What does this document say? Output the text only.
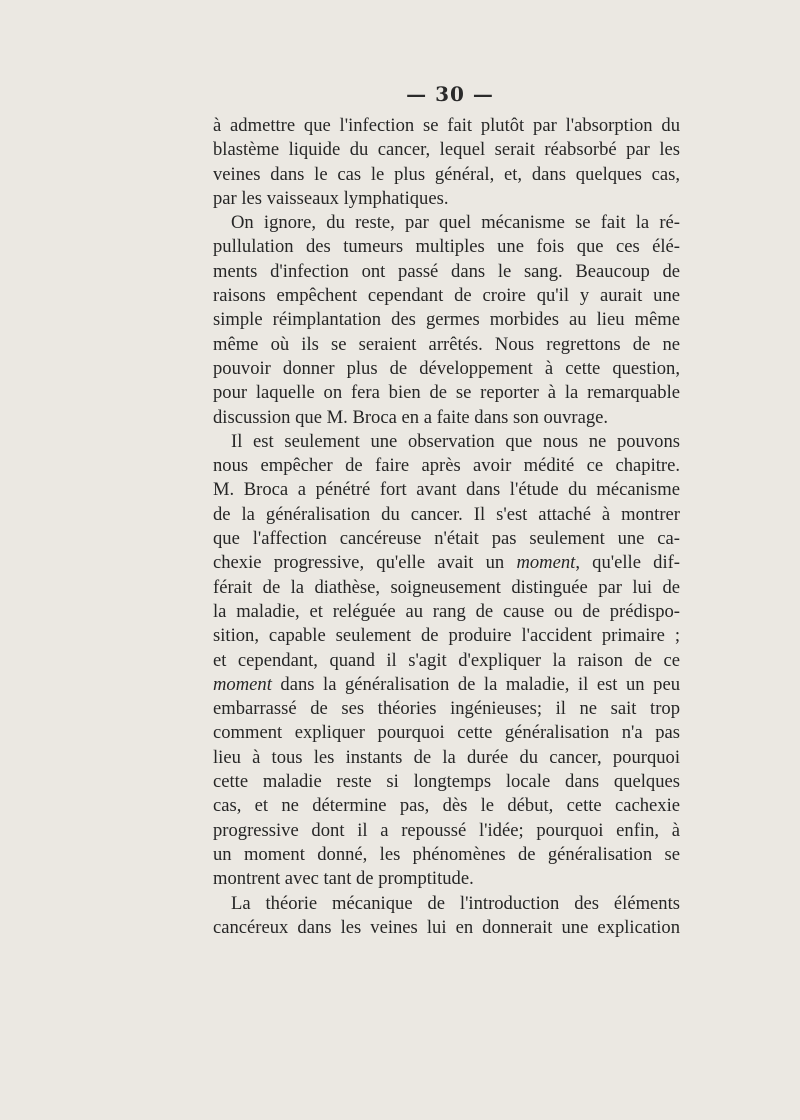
— 30 —
à admettre que l'infection se fait plutôt par l'absorption du
blastème liquide du cancer, lequel serait réabsorbé par les
veines dans le cas le plus général, et, dans quelques cas,
par les vaisseaux lymphatiques.
On ignore, du reste, par quel mécanisme se fait la ré-
pullulation des tumeurs multiples une fois que ces élé-
ments d'infection ont passé dans le sang. Beaucoup de
raisons empêchent cependant de croire qu'il y aurait une
simple réimplantation des germes morbides au lieu même
même où ils se seraient arrêtés. Nous regrettons de ne
pouvoir donner plus de développement à cette question,
pour laquelle on fera bien de se reporter à la remarquable
discussion que M. Broca en a faite dans son ouvrage.
Il est seulement une observation que nous ne pouvons
nous empêcher de faire après avoir médité ce chapitre.
M. Broca a pénétré fort avant dans l'étude du mécanisme
de la généralisation du cancer. Il s'est attaché à montrer
que l'affection cancéreuse n'était pas seulement une ca-
chexie progressive, qu'elle avait un moment, qu'elle dif-
férait de la diathèse, soigneusement distinguée par lui de
la maladie, et reléguée au rang de cause ou de prédispo-
sition, capable seulement de produire l'accident primaire ;
et cependant, quand il s'agit d'expliquer la raison de ce
moment dans la généralisation de la maladie, il est un peu
embarrassé de ses théories ingénieuses; il ne sait trop
comment expliquer pourquoi cette généralisation n'a pas
lieu à tous les instants de la durée du cancer, pourquoi
cette maladie reste si longtemps locale dans quelques
cas, et ne détermine pas, dès le début, cette cachexie
progressive dont il a repoussé l'idée; pourquoi enfin, à
un moment donné, les phénomènes de généralisation se
montrent avec tant de promptitude.
La théorie mécanique de l'introduction des éléments
cancéreux dans les veines lui en donnerait une explication
